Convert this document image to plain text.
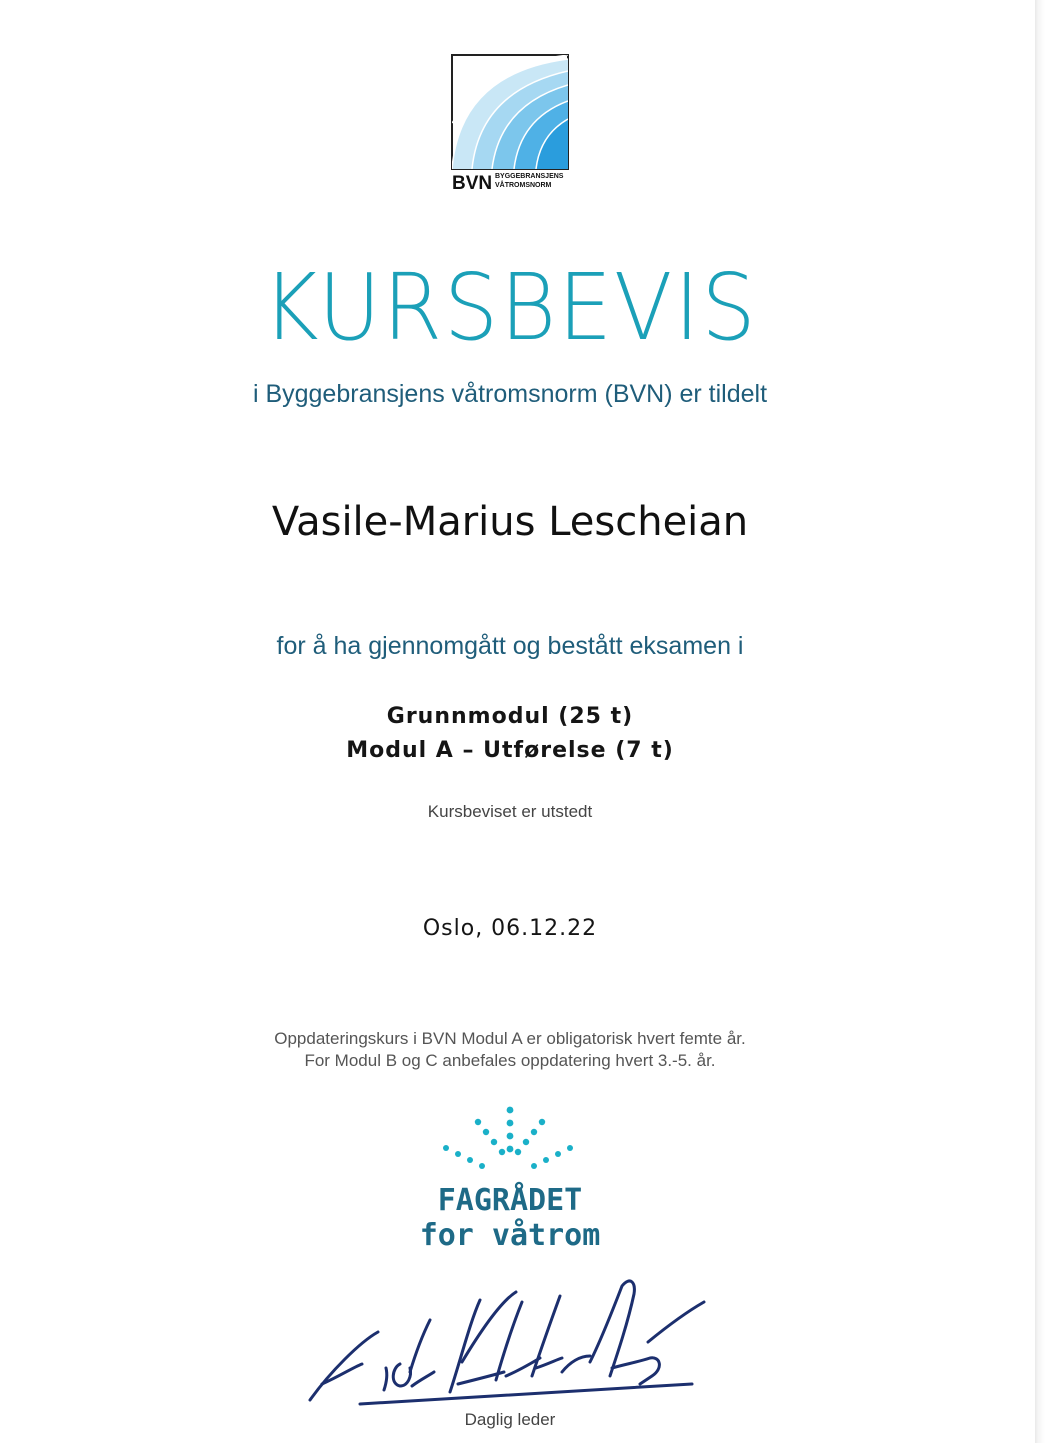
BVN BYGGEBRANSJENS
VÅTROMSNORM
KURSBEVIS
i Byggebransjens våtromsnorm (BVN) er tildelt
Vasile-Marius Lescheian
for å ha gjennomgått og bestått eksamen i
Grunnmodul (25 t)
Modul A – Utførelse (7 t)
Kursbeviset er utstedt
Oslo, 06.12.22
Oppdateringskurs i BVN Modul A er obligatorisk hvert femte år.
For Modul B og C anbefales oppdatering hvert 3.-5. år.
FAGRÅDET
for våtrom
Daglig leder
